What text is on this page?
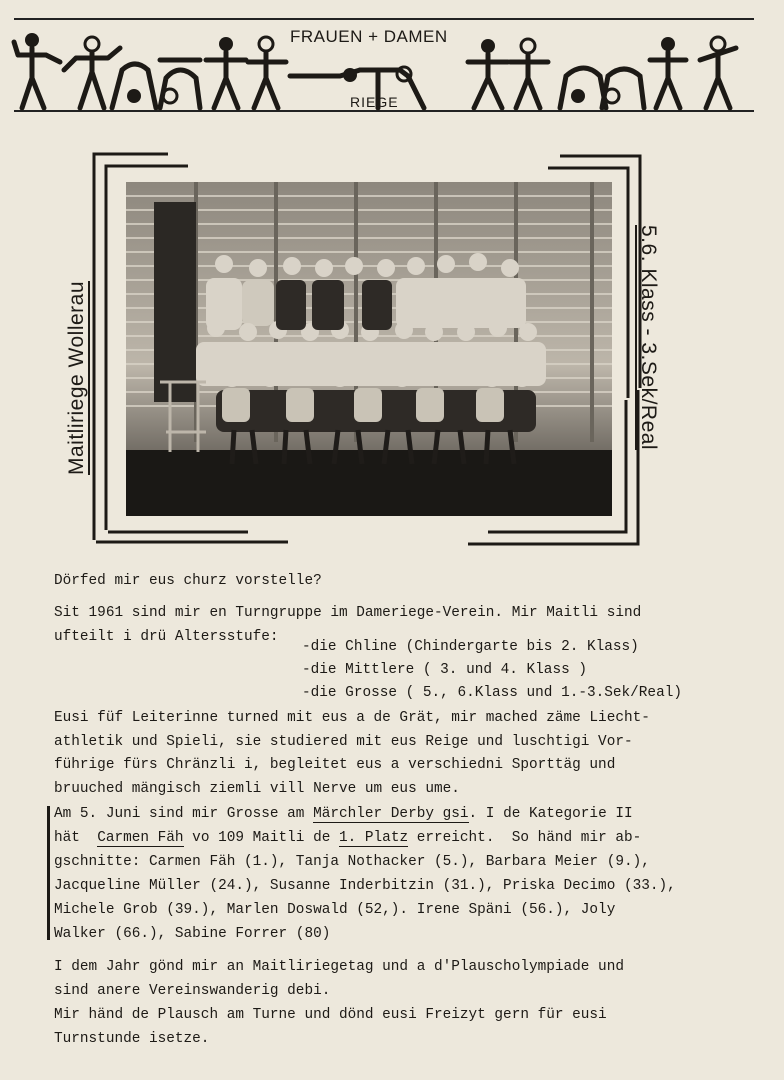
FRAUEN + DAMEN
RIEGE
Maitliriege Wollerau	5.6. Klass - 3.Sek/Real
Dörfed mir eus churz vorstelle?
Sit 1961 sind mir en Turngruppe im Dameriege-Verein. Mir Maitli sind
ufteilt i drü Altersstufe:
-die Chline (Chindergarte bis 2. Klass)
-die Mittlere ( 3. und 4. Klass )
-die Grosse ( 5., 6.Klass und 1.-3.Sek/Real)
Eusi füf Leiterinne turned mit eus a de Grät, mir mached zäme Liecht-
athletik und Spieli, sie studiered mit eus Reige und luschtigi Vor-
führige fürs Chränzli i, begleitet eus a verschiedni Sporttäg und
bruuched mängisch ziemli vill Nerve um eus ume.
Am 5. Juni sind mir Grosse am Märchler Derby gsi. I de Kategorie II
hät  Carmen Fäh vo 109 Maitli de 1. Platz erreicht.  So händ mir ab-
gschnitte: Carmen Fäh (1.), Tanja Nothacker (5.), Barbara Meier (9.),
Jacqueline Müller (24.), Susanne Inderbitzin (31.), Priska Decimo (33.),
Michele Grob (39.), Marlen Doswald (52,). Irene Späni (56.), Joly
Walker (66.), Sabine Forrer (80)
I dem Jahr gönd mir an Maitliriegetag und a d'Plauscholympiade und
sind anere Vereinswanderig debi.
Mir händ de Plausch am Turne und dönd eusi Freizyt gern für eusi
Turnstunde isetze.
